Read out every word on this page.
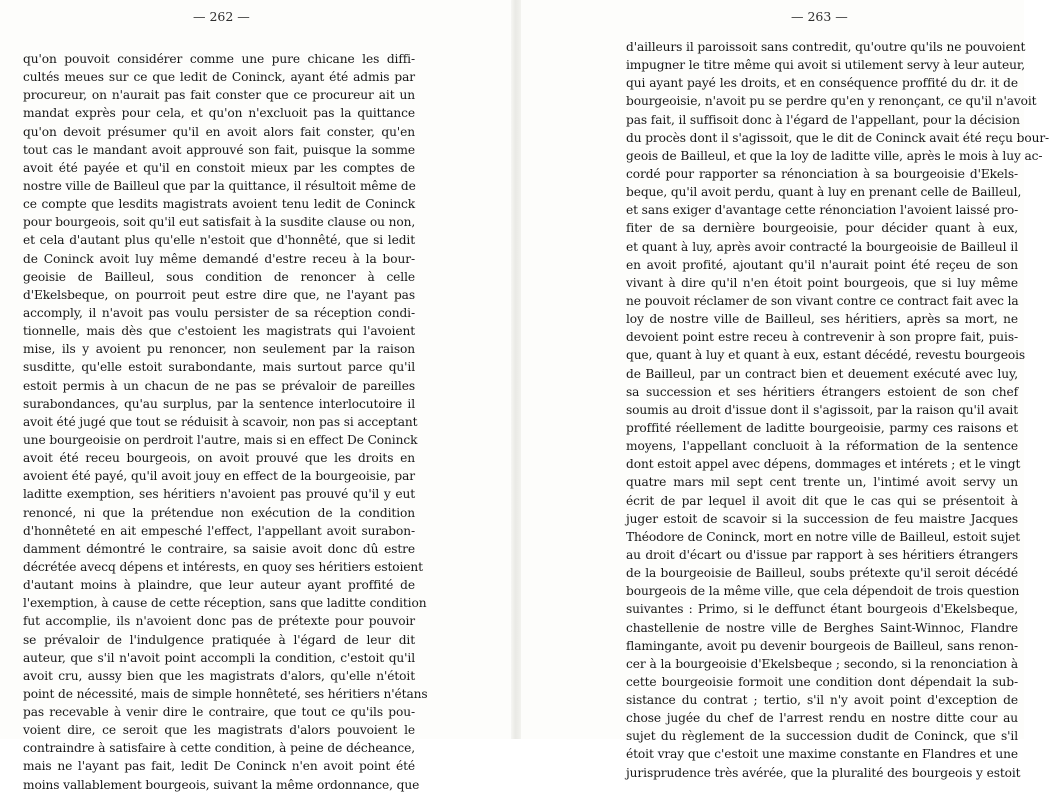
— 262 —
qu'on pouvoit considérer comme une pure chicane les diffi-
cultés meues sur ce que ledit de Coninck, ayant été admis par
procureur, on n'aurait pas fait conster que ce procureur ait un
mandat exprès pour cela, et qu'on n'excluoit pas la quittance
qu'on devoit présumer qu'il en avoit alors fait conster, qu'en
tout cas le mandant avoit approuvé son fait, puisque la somme
avoit été payée et qu'il en constoit mieux par les comptes de
nostre ville de Bailleul que par la quittance, il résultoit même de
ce compte que lesdits magistrats avoient tenu ledit de Coninck
pour bourgeois, soit qu'il eut satisfait à la susdite clause ou non,
et cela d'autant plus qu'elle n'estoit que d'honnêté, que si ledit
de Coninck avoit luy même demandé d'estre receu à la bour-
geoisie de Bailleul, sous condition de renoncer à celle
d'Ekelsbeque, on pourroit peut estre dire que, ne l'ayant pas
accomply, il n'avoit pas voulu persister de sa réception condi-
tionnelle, mais dès que c'estoient les magistrats qui l'avoient
mise, ils y avoient pu renoncer, non seulement par la raison
susditte, qu'elle estoit surabondante, mais surtout parce qu'il
estoit permis à un chacun de ne pas se prévaloir de pareilles
surabondances, qu'au surplus, par la sentence interlocutoire il
avoit été jugé que tout se réduisit à scavoir, non pas si acceptant
une bourgeoisie on perdroit l'autre, mais si en effect De Coninck
avoit été receu bourgeois, on avoit prouvé que les droits en
avoient été payé, qu'il avoit jouy en effect de la bourgeoisie, par
laditte exemption, ses héritiers n'avoient pas prouvé qu'il y eut
renoncé, ni que la prétendue non exécution de la condition
d'honnêteté en ait empesché l'effect, l'appellant avoit surabon-
damment démontré le contraire, sa saisie avoit donc dû estre
décrétée avecq dépens et intérests, en quoy ses héritiers estoient
d'autant moins à plaindre, que leur auteur ayant proffité de
l'exemption, à cause de cette réception, sans que laditte condition
fut accomplie, ils n'avoient donc pas de prétexte pour pouvoir
se prévaloir de l'indulgence pratiquée à l'égard de leur dit
auteur, que s'il n'avoit point accompli la condition, c'estoit qu'il
avoit cru, aussy bien que les magistrats d'alors, qu'elle n'étoit
point de nécessité, mais de simple honnêteté, ses héritiers n'étans
pas recevable à venir dire le contraire, que tout ce qu'ils pou-
voient dire, ce seroit que les magistrats d'alors pouvoient le
contraindre à satisfaire à cette condition, à peine de décheance,
mais ne l'ayant pas fait, ledit De Coninck n'en avoit point été
moins vallablement bourgeois, suivant la même ordonnance, que
— 263 —
d'ailleurs il paroissoit sans contredit, qu'outre qu'ils ne pouvoient
impugner le titre même qui avoit si utilement servy à leur auteur,
qui ayant payé les droits, et en conséquence proffité du dr. it de
bourgeoisie, n'avoit pu se perdre qu'en y renonçant, ce qu'il n'avoit
pas fait, il suffisoit donc à l'égard de l'appellant, pour la décision
du procès dont il s'agissoit, que le dit de Coninck avait été reçu bour-
geois de Bailleul, et que la loy de laditte ville, après le mois à luy ac-
cordé pour rapporter sa rénonciation à sa bourgeoisie d'Ekels-
beque, qu'il avoit perdu, quant à luy en prenant celle de Bailleul,
et sans exiger d'avantage cette rénonciation l'avoient laissé pro-
fiter de sa dernière bourgeoisie, pour décider quant à eux,
et quant à luy, après avoir contracté la bourgeoisie de Bailleul il
en avoit profité, ajoutant qu'il n'aurait point été reçeu de son
vivant à dire qu'il n'en étoit point bourgeois, que si luy même
ne pouvoit réclamer de son vivant contre ce contract fait avec la
loy de nostre ville de Bailleul, ses héritiers, après sa mort, ne
devoient point estre receu à contrevenir à son propre fait, puis-
que, quant à luy et quant à eux, estant décédé, revestu bourgeois
de Bailleul, par un contract bien et deuement exécuté avec luy,
sa succession et ses héritiers étrangers estoient de son chef
soumis au droit d'issue dont il s'agissoit, par la raison qu'il avait
proffité réellement de laditte bourgeoisie, parmy ces raisons et
moyens, l'appellant concluoit à la réformation de la sentence
dont estoit appel avec dépens, dommages et intérets ; et le vingt
quatre mars mil sept cent trente un, l'intimé avoit servy un
écrit de par lequel il avoit dit que le cas qui se présentoit à
juger estoit de scavoir si la succession de feu maistre Jacques
Théodore de Coninck, mort en notre ville de Bailleul, estoit sujet
au droit d'écart ou d'issue par rapport à ses héritiers étrangers
de la bourgeoisie de Bailleul, soubs prétexte qu'il seroit décédé
bourgeois de la même ville, que cela dépendoit de trois question
suivantes : Primo, si le deffunct étant bourgeois d'Ekelsbeque,
chastellenie de nostre ville de Berghes Saint-Winnoc, Flandre
flamingante, avoit pu devenir bourgeois de Bailleul, sans renon-
cer à la bourgeoisie d'Ekelsbeque ; secondo, si la renonciation à
cette bourgeoisie formoit une condition dont dépendait la sub-
sistance du contrat ; tertio, s'il n'y avoit point d'exception de
chose jugée du chef de l'arrest rendu en nostre ditte cour au
sujet du règlement de la succession dudit de Coninck, que s'il
étoit vray que c'estoit une maxime constante en Flandres et une
jurisprudence très avérée, que la pluralité des bourgeois y estoit
